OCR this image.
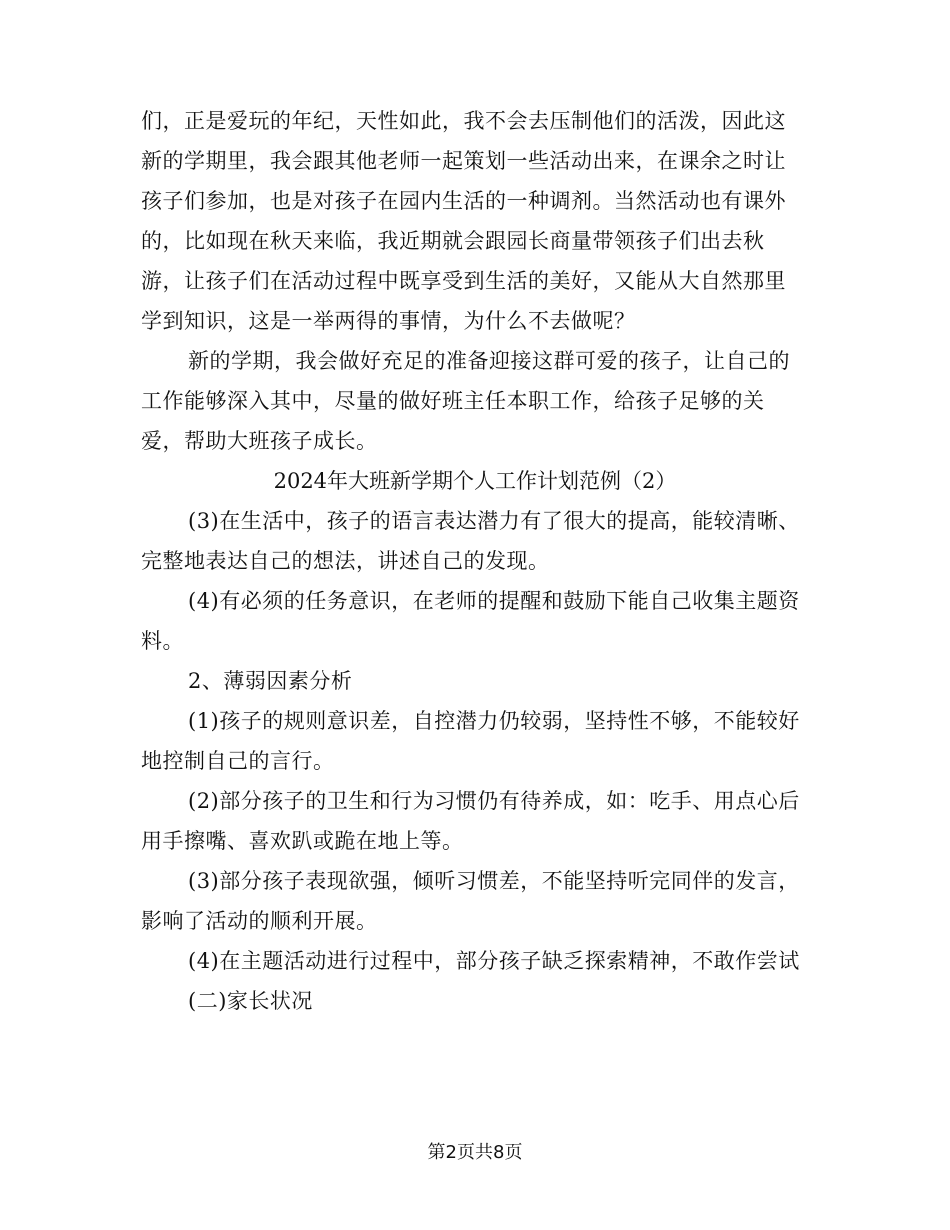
们，正是爱玩的年纪，天性如此，我不会去压制他们的活泼，因此这
新的学期里，我会跟其他老师一起策划一些活动出来，在课余之时让
孩子们参加，也是对孩子在园内生活的一种调剂。当然活动也有课外
的，比如现在秋天来临，我近期就会跟园长商量带领孩子们出去秋
游，让孩子们在活动过程中既享受到生活的美好，又能从大自然那里
学到知识，这是一举两得的事情，为什么不去做呢？
新的学期，我会做好充足的准备迎接这群可爱的孩子，让自己的
工作能够深入其中，尽量的做好班主任本职工作，给孩子足够的关
爱，帮助大班孩子成长。
2024年大班新学期个人工作计划范例（2）
(3)在生活中，孩子的语言表达潜力有了很大的提高，能较清晰、
完整地表达自己的想法，讲述自己的发现。
(4)有必须的任务意识，在老师的提醒和鼓励下能自己收集主题资
料。
2、薄弱因素分析
(1)孩子的规则意识差，自控潜力仍较弱，坚持性不够，不能较好
地控制自己的言行。
(2)部分孩子的卫生和行为习惯仍有待养成，如：吃手、用点心后
用手擦嘴、喜欢趴或跪在地上等。
(3)部分孩子表现欲强，倾听习惯差，不能坚持听完同伴的发言，
影响了活动的顺利开展。
(4)在主题活动进行过程中，部分孩子缺乏探索精神，不敢作尝试
(二)家长状况
第2页共8页
